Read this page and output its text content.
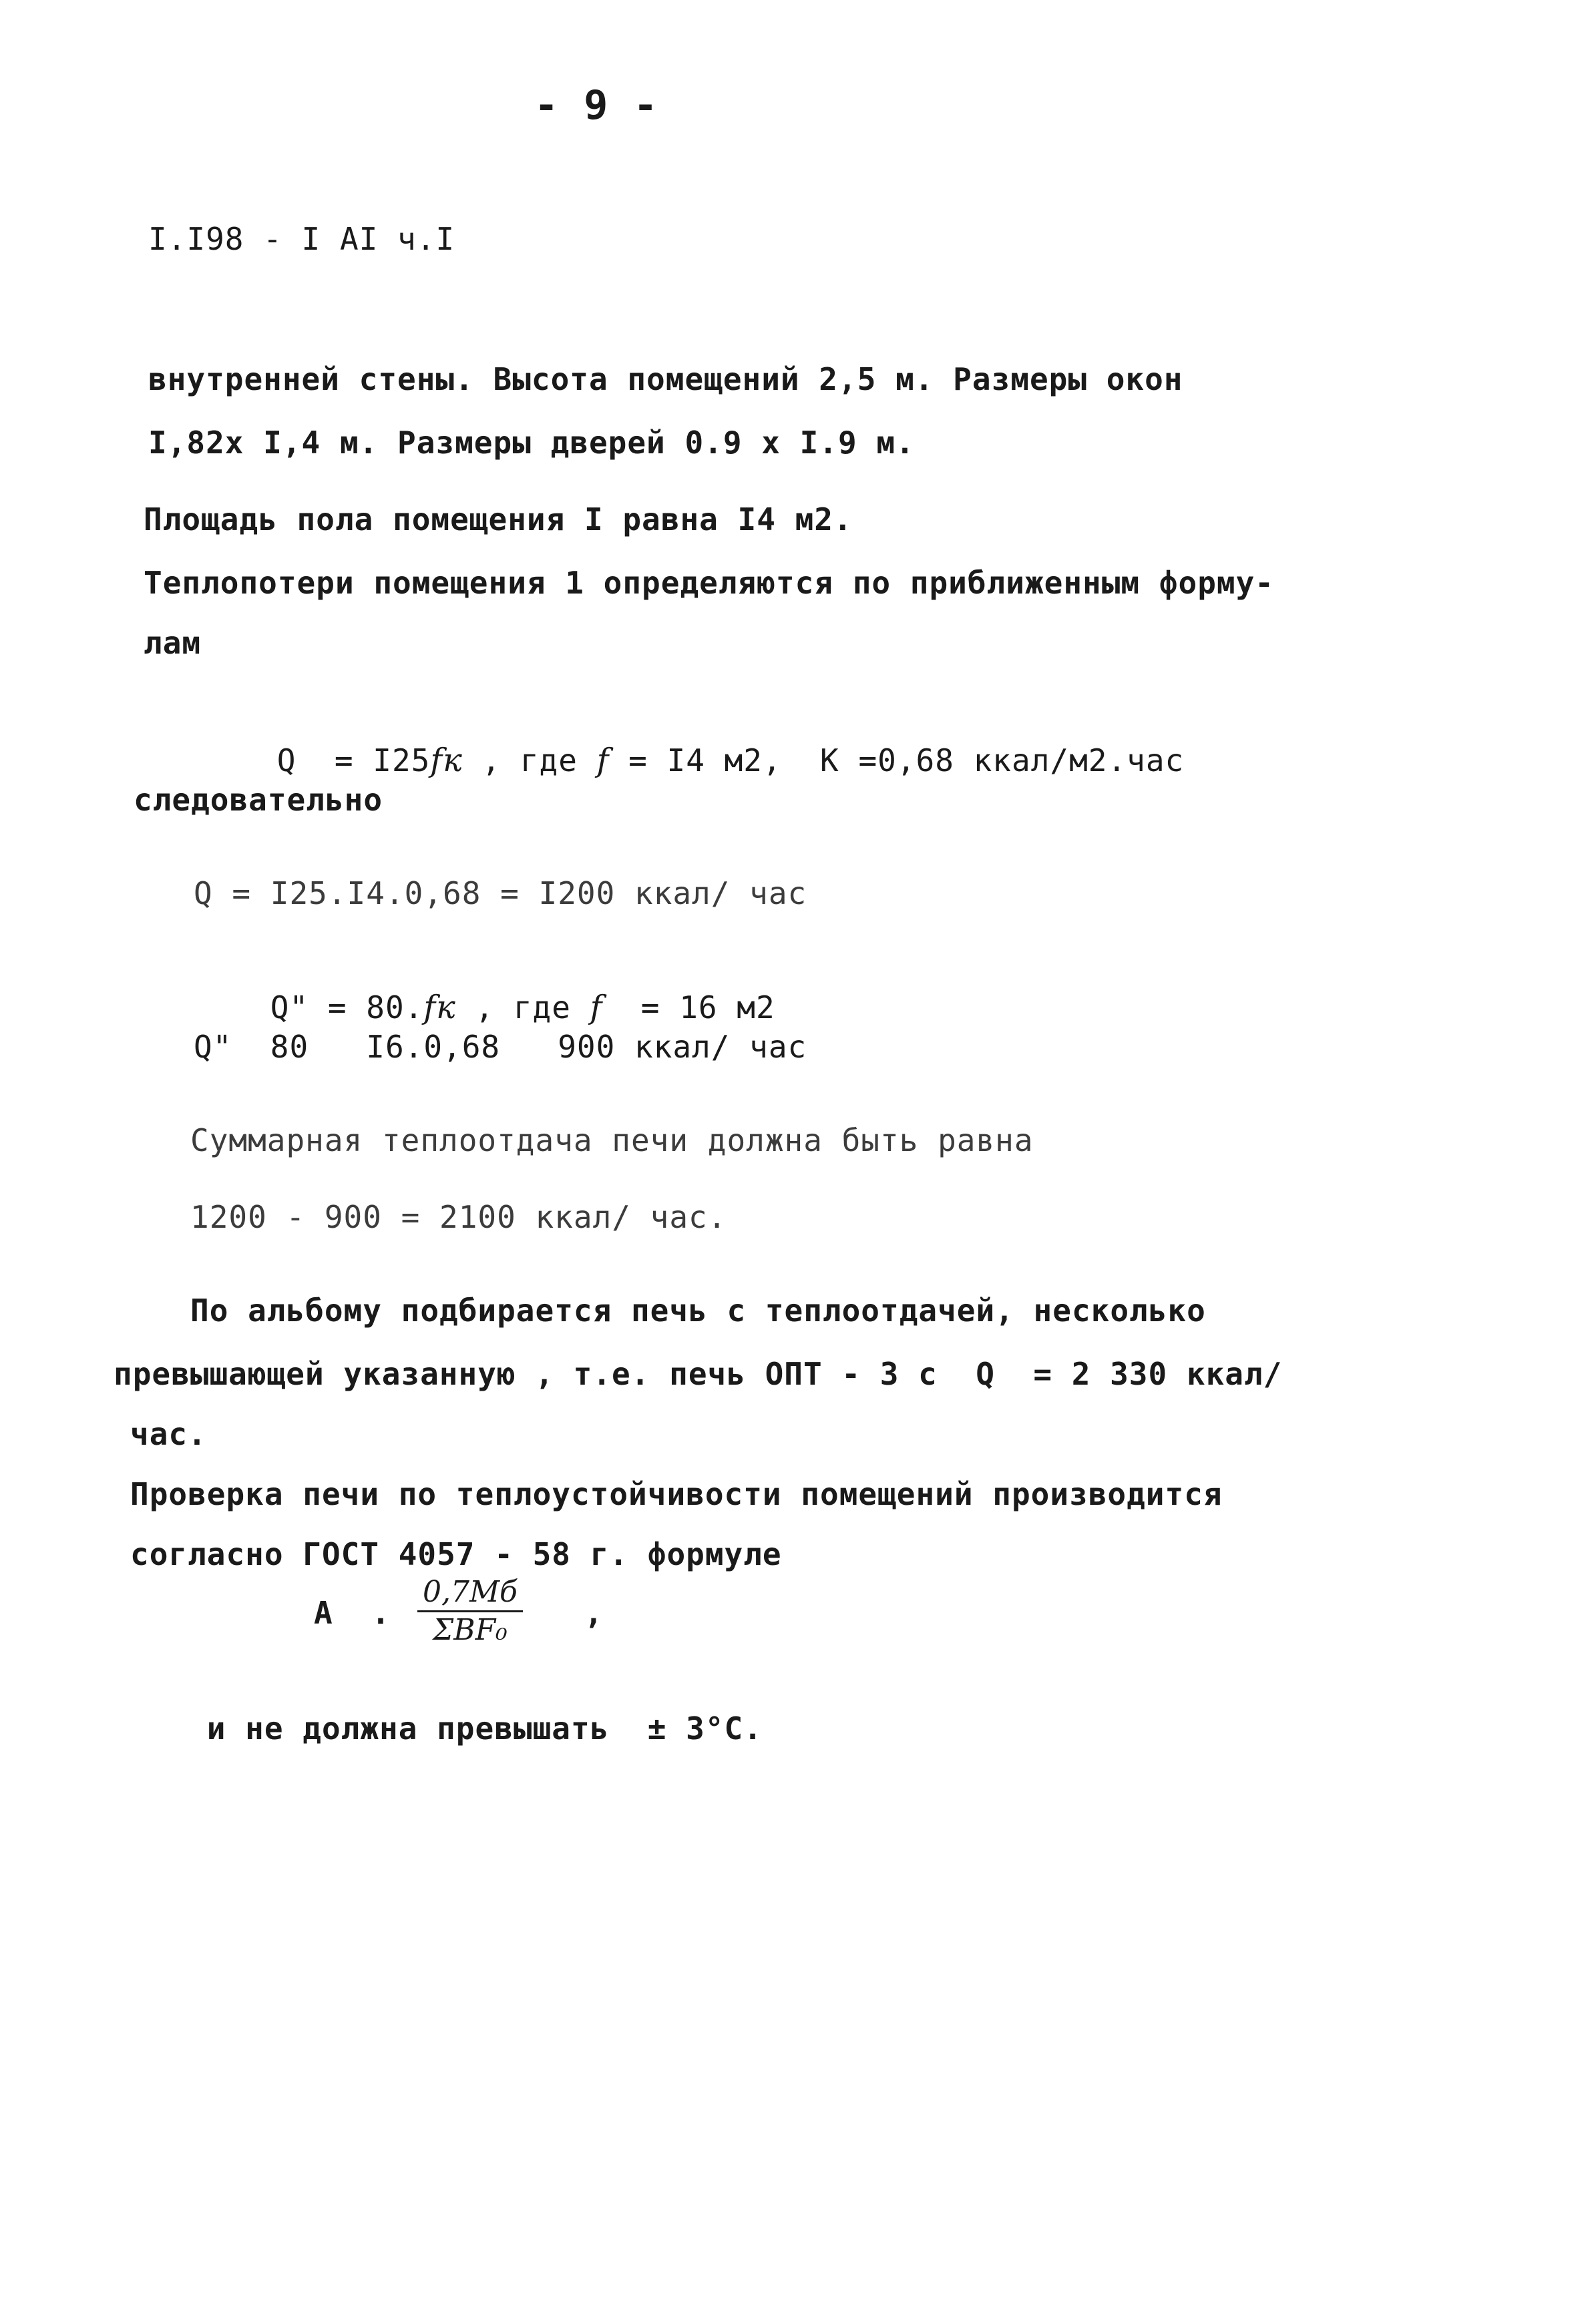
- 9 -
I.I98 - I AI ч.I
внутренней стены. Высота помещений 2,5 м. Размеры окон
I,82x I,4 м. Размеры дверей 0.9 x I.9 м.
Площадь пола помещения I равна I4 м2.
Теплопотери помещения 1 определяются по приближенным форму-
лам

Q  = I25fк , где f = I4 м2,  К =0,68 ккал/м2.час

следовательно
Q = I25.I4.0,68 = I200 ккал/ час

Q" = 80.fк , где f  = 16 м2

Q"  80   I6.0,68   900 ккал/ час
Суммарная теплоотдача печи должна быть равна
1200 - 900 = 2100 ккал/ час.
По альбому подбирается печь с теплоотдачей, несколько
превышающей указанную , т.е. печь ОПТ - 3 с  Q  = 2 330 ккал/
час.
Проверка печи по теплоустойчивости помещений производится
согласно ГОСТ 4057 - 58 г. формуле
A  .
0,7Mб
ΣBF₀	,

и не должна превышать  ± 3°С.
